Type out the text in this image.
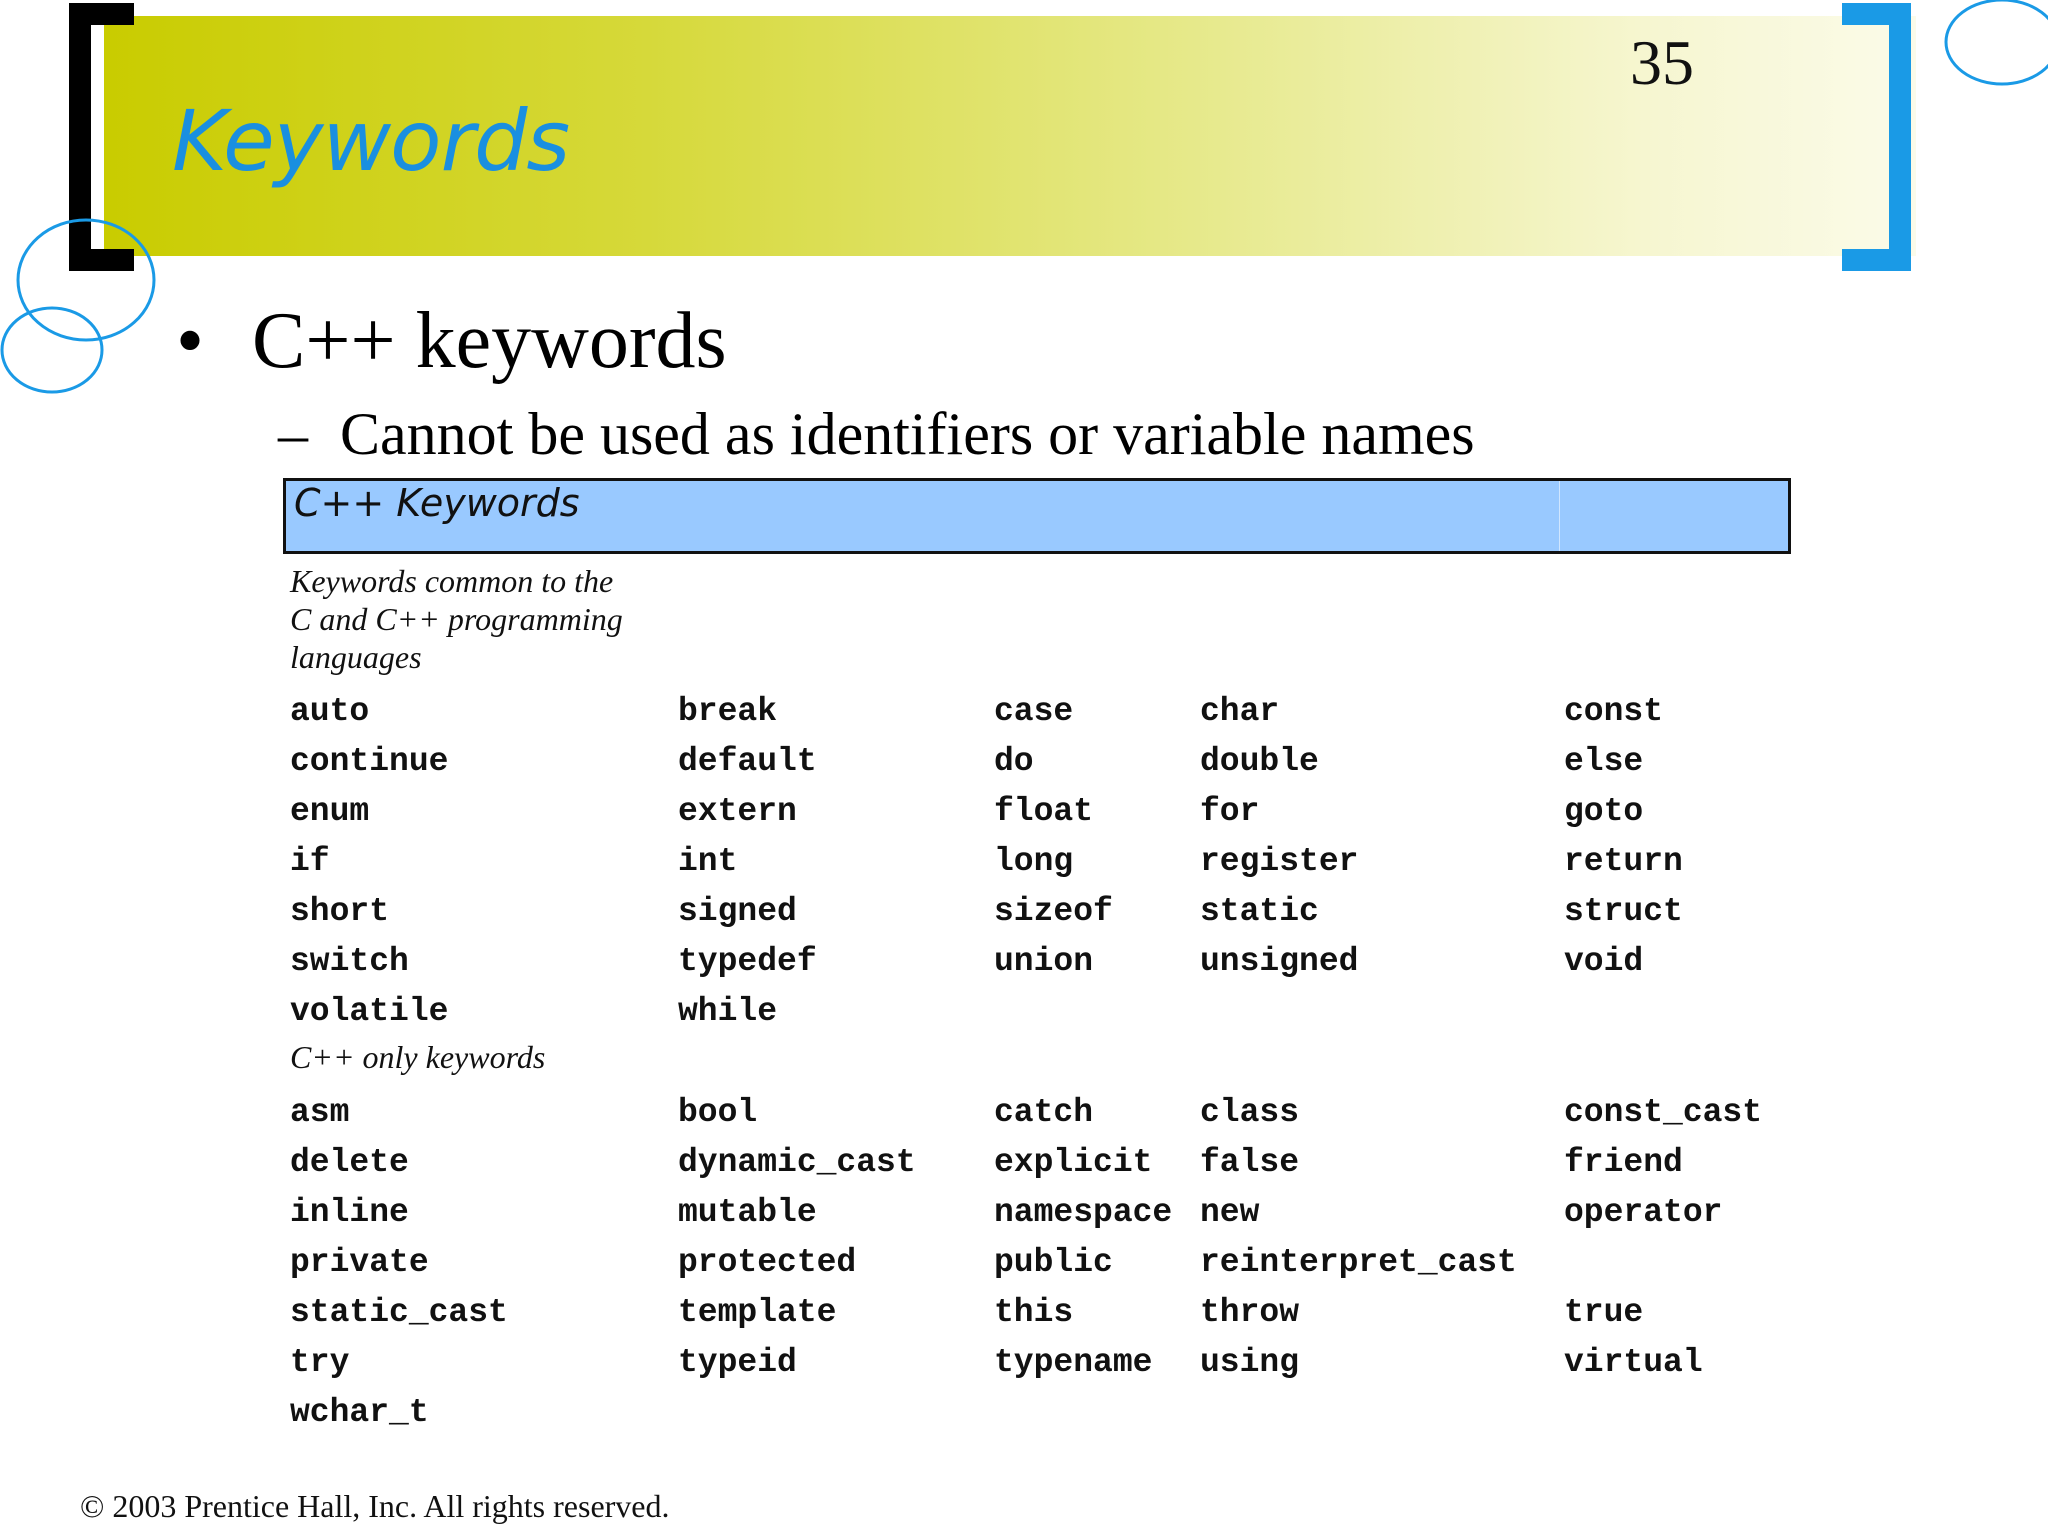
35
Keywords
• C++ keywords
– Cannot be used as identifiers or variable names
C++ Keywords
Keywords common to the
C and C++ programming
languages
auto	break	case	char	const
continue	default	do	double	else
enum	extern	float	for	goto
if	int	long	register	return
short	signed	sizeof	static	struct
switch	typedef	union	unsigned	void
volatile	while
C++ only keywords
asm	bool	catch	class	const_cast
delete	dynamic_cast explicit false	friend
inline	mutable	namespace new	operator
private	protected	public	reinterpret_cast
static_cast	template	this	throw	true
try	typeid	typename using	virtual
wchar_t
© 2003 Prentice Hall, Inc. All rights reserved.
